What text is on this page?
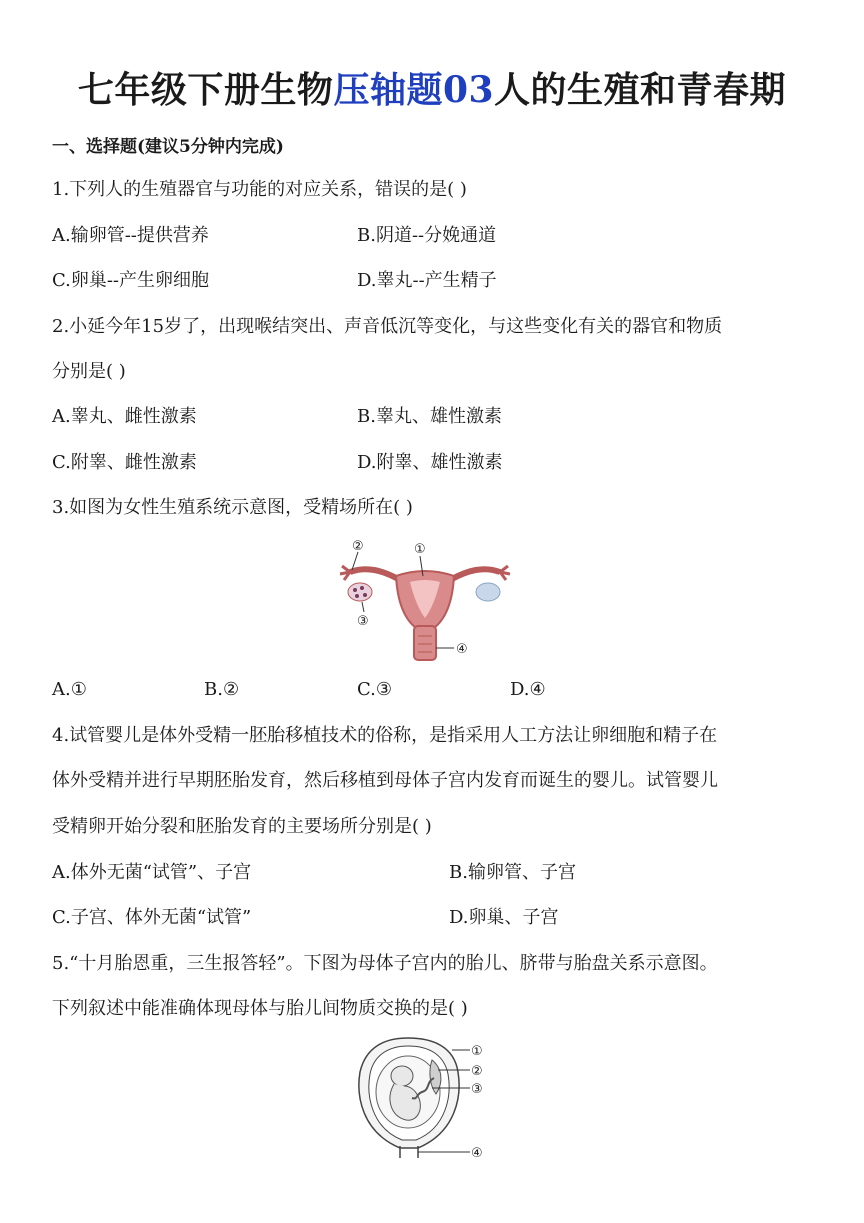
七年级下册生物压轴题03人的生殖和青春期
一、选择题(建议5分钟内完成)
1.下列人的生殖器官与功能的对应关系，错误的是( )
A.输卵管--提供营养	B.阴道--分娩通道
C.卵巢--产生卵细胞	D.睾丸--产生精子
2.小延今年15岁了，出现喉结突出、声音低沉等变化，与这些变化有关的器官和物质
分别是( )
A.睾丸、雌性激素	B.睾丸、雄性激素
C.附睾、雌性激素	D.附睾、雄性激素
3.如图为女性生殖系统示意图，受精场所在( )
①
②
③
④
A.①	B.②	C.③	D.④
4.试管婴儿是体外受精一胚胎移植技术的俗称，是指采用人工方法让卵细胞和精子在
体外受精并进行早期胚胎发育，然后移植到母体子宫内发育而诞生的婴儿。试管婴儿
受精卵开始分裂和胚胎发育的主要场所分别是( )
A.体外无菌“试管”、子宫	B.输卵管、子宫
C.子宫、体外无菌“试管”	D.卵巢、子宫
5.“十月胎恩重，三生报答轻”。下图为母体子宫内的胎儿、脐带与胎盘关系示意图。
下列叙述中能准确体现母体与胎儿间物质交换的是( )
①
②
③
④
